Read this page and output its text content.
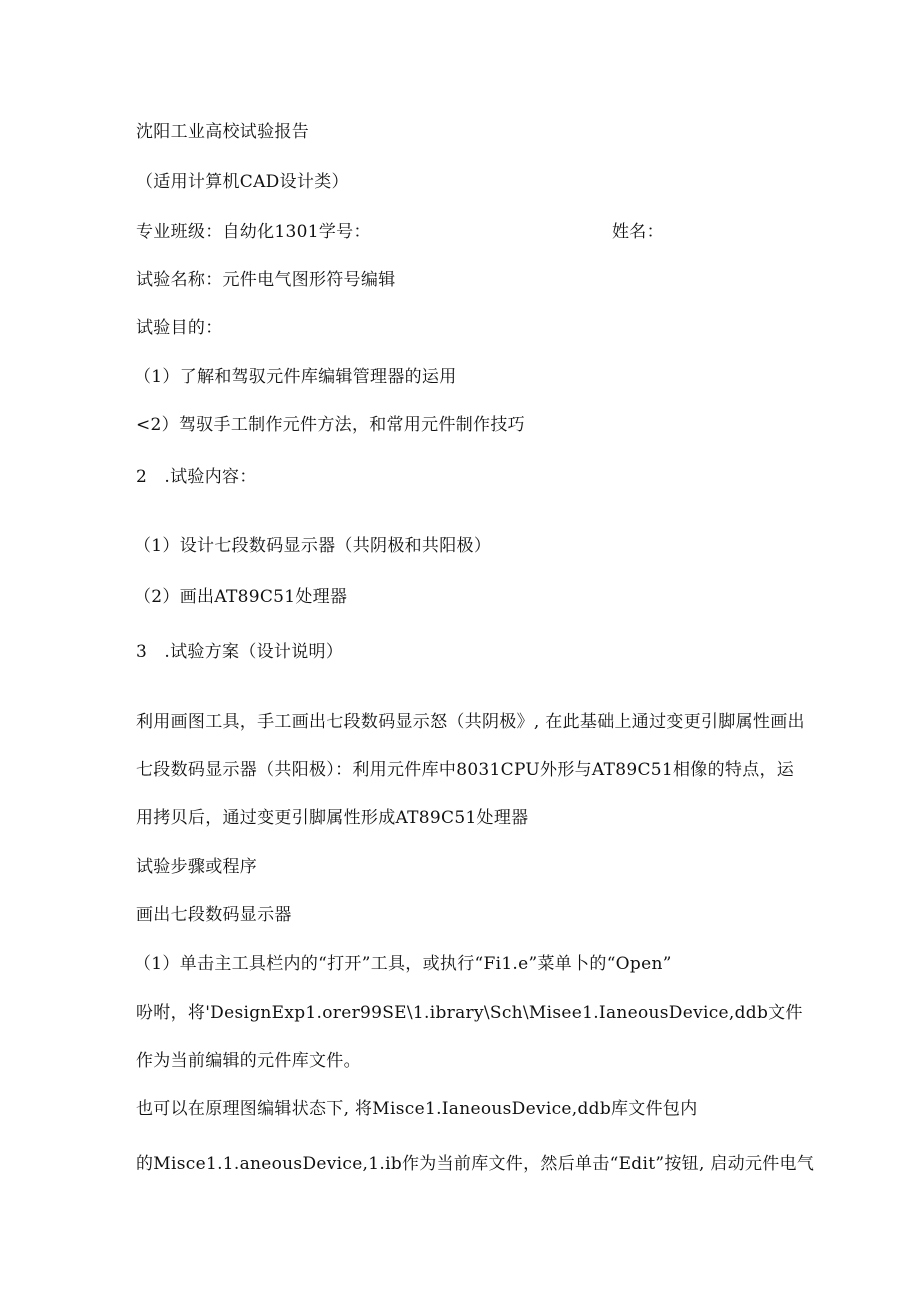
沈阳工业高校试验报告
（适用计算机CAD设计类）
专业班级：自幼化1301学号：	姓名：
试验名称：元件电气图形符号编辑
试验目的：
（1）了解和驾驭元件库编辑管理器的运用
<2）驾驭手工制作元件方法，和常用元件制作技巧
2　.试验内容：
（1）设计七段数码显示器（共阴极和共阳极）
（2）画出AT89C51处理器
3　.试验方案（设计说明）
利用画图工具，手工画出七段数码显示怒（共阴极》, 在此基础上通过变更引脚属性画出
七段数码显示器（共阳极）：利用元件库中8031CPU外形与AT89C51相像的特点，运
用拷贝后，通过变更引脚属性形成AT89C51处理器
试验步骤或程序
画出七段数码显示器
（1）单击主工具栏内的“打开”工具，或执行“Fi1.e”菜单卜的“Open”
吩咐，将'DesignExp1.orer99SE\1.ibrary\Sch\Misee1.IaneousDevice,ddb文件
作为当前编辑的元件库文件。
也可以在原理图编辑状态下, 将Misce1.IaneousDevice,ddb库文件包内
的Misce1.1.aneousDevice,1.ib作为当前库文件，然后单击“Edit”按钮, 启动元件电气
